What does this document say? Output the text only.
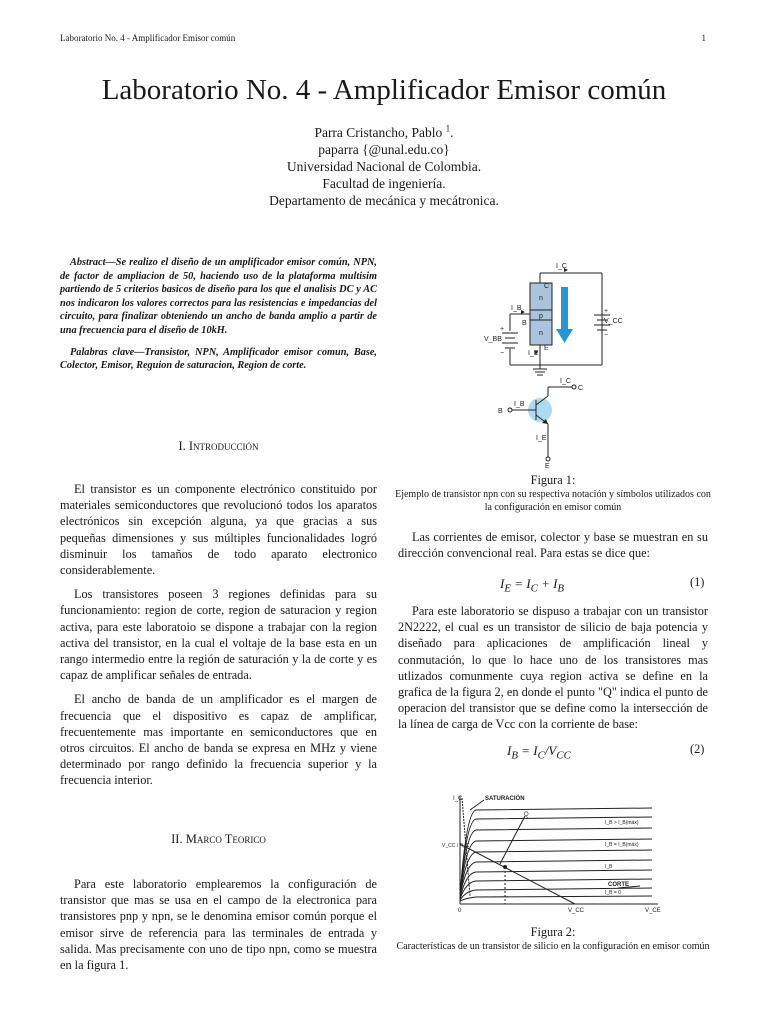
Laboratorio No. 4 - Amplificador Emisor común	1
Laboratorio No. 4 - Amplificador Emisor común
Parra Cristancho, Pablo $^1$.
paparra {@unal.edu.co}
Universidad Nacional de Colombia.
Facultad de ingeniería.
Departamento de mecánica y mecátronica.

Abstract—Se realizo el diseño de un amplificador emisor común, NPN, de factor de ampliacion de 50, haciendo uso de la plataforma multisim partiendo de 5 criterios basicos de diseño para los que el analisis DC y AC nos indicaron los valores correctos para las resistencias e impedancias del circuito, para finalizar obteniendo un ancho de banda amplio a partir de una frecuencia para el diseño de 10kH.

Palabras clave—Transistor, NPN, Amplificador emisor comun, Base, Colector, Emisor, Reguion de saturacion, Region de corte.

I. Introducción

El transistor es un componente electrónico constituido por materiales semiconductores que revolucionó todos los aparatos electrónicos sin excepción alguna, ya que gracias a sus pequeñas dimensiones y sus múltiples funcionalidades logró disminuir los tamaños de todo aparato electronico considerablemente.

Los transistores poseen 3 regiones definidas para su funcionamiento: region de corte, region de saturacion y region activa, para este laboratoio se dispone a trabajar con la region activa del transistor, en la cual el voltaje de la base esta en un rango intermedio entre la región de saturación y la de corte y es capaz de amplificar señales de entrada.

El ancho de banda de un amplificador es el margen de frecuencia que el dispositivo es capaz de amplificar, frecuentemente mas importante en semiconductores que en otros circuitos. El ancho de banda se expresa en MHz y viene determinado por rango definido la frecuencia superior y la frecuencia interior.

II. Marco Teorico

Para este laboratorio emplearemos la configuración de transistor que mas se usa en el campo de la electronica para transistores pnp y npn, se le denomina emisor común porque el emisor sirve de referencia para las terminales de entrada y salida. Mas precisamente con uno de tipo npn, como se muestra en la figura 1.

I_C
C
n
p
n
I_B
B
E
I_E
+
V_CC
−
+
V_BB
−
I_C
C
I_B
B
I_E
E
Figura 1:
Ejemplo de transistor npn con su respectiva notación y símbolos utilizados con la configuración en emisor común

Las corrientes de emisor, colector y base se muestran en su dirección convencional real. Para estas se dice que:

$I_E = I_C + I_B$	(1)

Para este laboratorio se dispuso a trabajar con un transistor 2N2222, el cual es un transistor de silicio de baja potencia y diseñado para aplicaciones de amplificación lineal y conmutación, lo que lo hace uno de los transistores mas utlizados comunmente cuya region activa se define en la grafica de la figura 2, en donde el punto "Q" indica el punto de operacion del transistor que se define como la intersección de la línea de carga de Vcc con la corriente de base:

$I_B = I_C/V_{CC}$	(2)
I_C	SATURACIÓN
Q
CORTE
0	V_CE
V_CC
V_CC / R_C
I_B > I_B(máx)
I_B = I_B(máx)
I_B
I_B = 0
Figura 2:
Características de un transistor de silicio en la configuración en emisor común
